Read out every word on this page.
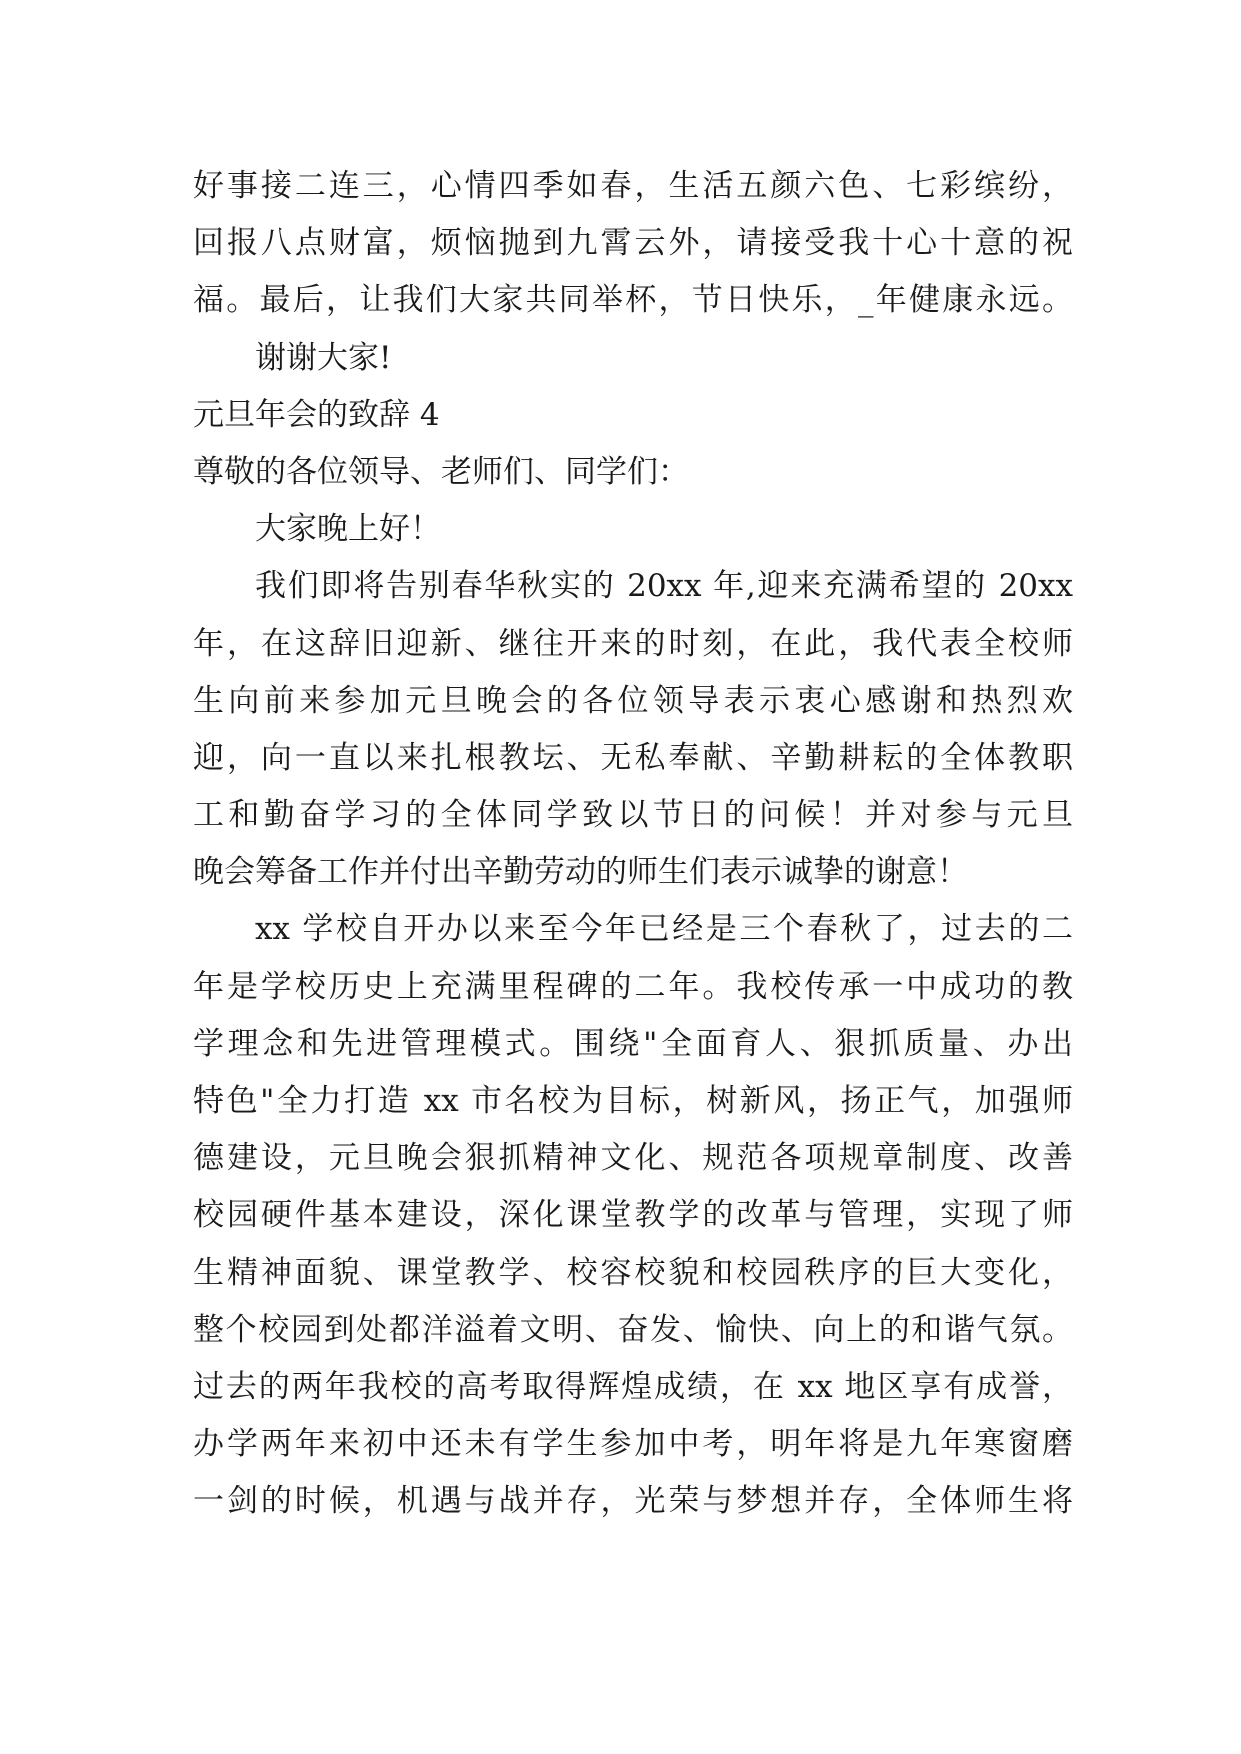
好事接二连三，心情四季如春，生活五颜六色、七彩缤纷，
回报八点财富，烦恼抛到九霄云外，请接受我十心十意的祝
福。最后，让我们大家共同举杯，节日快乐，_年健康永远。
谢谢大家!
元旦年会的致辞 4
尊敬的各位领导、老师们、同学们：
大家晚上好！
我们即将告别春华秋实的 20xx 年,迎来充满希望的 20xx
年，在这辞旧迎新、继往开来的时刻，在此，我代表全校师
生向前来参加元旦晚会的各位领导表示衷心感谢和热烈欢
迎，向一直以来扎根教坛、无私奉献、辛勤耕耘的全体教职
工和勤奋学习的全体同学致以节日的问候！并对参与元旦
晚会筹备工作并付出辛勤劳动的师生们表示诚挚的谢意！
xx 学校自开办以来至今年已经是三个春秋了，过去的二
年是学校历史上充满里程碑的二年。我校传承一中成功的教
学理念和先进管理模式。围绕"全面育人、狠抓质量、办出
特色"全力打造 xx 市名校为目标，树新风，扬正气，加强师
德建设，元旦晚会狠抓精神文化、规范各项规章制度、改善
校园硬件基本建设，深化课堂教学的改革与管理，实现了师
生精神面貌、课堂教学、校容校貌和校园秩序的巨大变化，
整个校园到处都洋溢着文明、奋发、愉快、向上的和谐气氛。
过去的两年我校的高考取得辉煌成绩，在 xx 地区享有成誉，
办学两年来初中还未有学生参加中考，明年将是九年寒窗磨
一剑的时候，机遇与战并存，光荣与梦想并存，全体师生将
